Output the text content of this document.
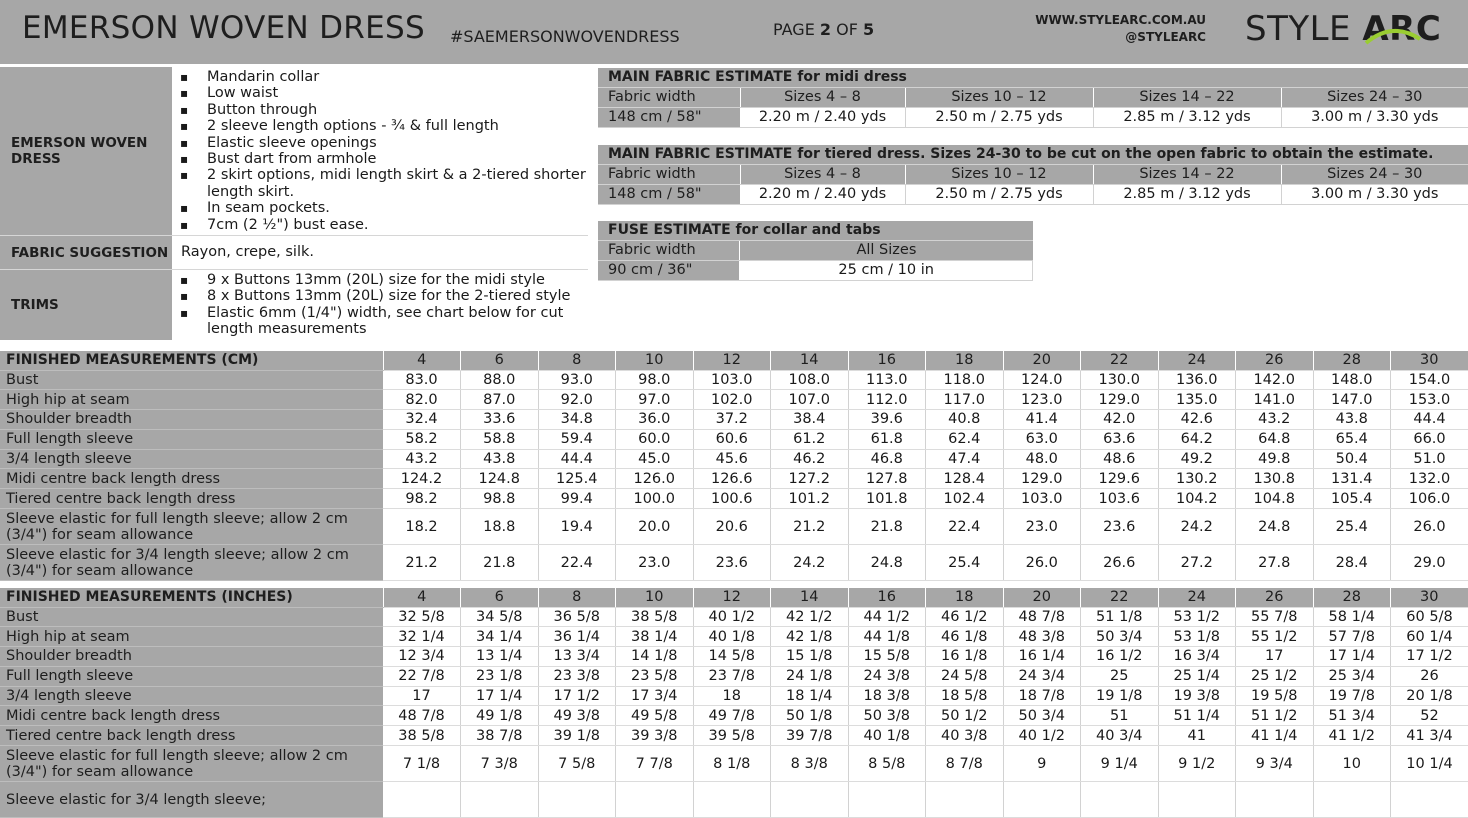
EMERSON WOVEN DRESS #SAEMERSONWOVENDRESS	PAGE 2 OF 5	WWW.STYLEARC.COM.AU
@STYLEARC STYLE
ARC
EMERSON WOVEN DRESS
▪ Mandarin collar
▪ Low waist
▪ Button through
▪ 2 sleeve length options - ¾ & full length
▪ Elastic sleeve openings
▪ Bust dart from armhole
▪ 2 skirt options, midi length skirt & a 2-tiered shorter length skirt.
▪ In seam pockets.
▪ 7cm (2 ½") bust ease.
FABRIC SUGGESTION Rayon, crepe, silk.
TRIMS
▪ 9 x Buttons 13mm (20L) size for the midi style
▪ 8 x Buttons 13mm (20L) size for the 2-tiered style
▪ Elastic 6mm (1/4") width, see chart below for cut length measurements
MAIN FABRIC ESTIMATE for midi dress				
Fabric width	Sizes 4 – 8	Sizes 10 – 12	Sizes 14 – 22	Sizes 24 – 30
148 cm / 58"	2.20 m / 2.40 yds	2.50 m / 2.75 yds	2.85 m / 3.12 yds	3.00 m / 3.30 yds
MAIN FABRIC ESTIMATE for tiered dress. Sizes 24-30 to be cut on the open fabric to obtain the estimate.				
Fabric width	Sizes 4 – 8	Sizes 10 – 12	Sizes 14 – 22	Sizes 24 – 30
148 cm / 58"	2.20 m / 2.40 yds	2.50 m / 2.75 yds	2.85 m / 3.12 yds	3.00 m / 3.30 yds
FUSE ESTIMATE for collar and tabs	
Fabric width	All Sizes
90 cm / 36"	25 cm / 10 in
FINISHED MEASUREMENTS (CM)	4	6	8	10	12	14	16	18	20	22	24	26	28	30
Bust	83.0	88.0	93.0	98.0	103.0	108.0	113.0	118.0	124.0	130.0	136.0	142.0	148.0	154.0
High hip at seam	82.0	87.0	92.0	97.0	102.0	107.0	112.0	117.0	123.0	129.0	135.0	141.0	147.0	153.0
Shoulder breadth	32.4	33.6	34.8	36.0	37.2	38.4	39.6	40.8	41.4	42.0	42.6	43.2	43.8	44.4
Full length sleeve	58.2	58.8	59.4	60.0	60.6	61.2	61.8	62.4	63.0	63.6	64.2	64.8	65.4	66.0
3/4 length sleeve	43.2	43.8	44.4	45.0	45.6	46.2	46.8	47.4	48.0	48.6	49.2	49.8	50.4	51.0
Midi centre back length dress	124.2	124.8	125.4	126.0	126.6	127.2	127.8	128.4	129.0	129.6	130.2	130.8	131.4	132.0
Tiered centre back length dress	98.2	98.8	99.4	100.0	100.6	101.2	101.8	102.4	103.0	103.6	104.2	104.8	105.4	106.0
Sleeve elastic for full length sleeve; allow 2 cm (3/4") for seam allowance	18.2	18.8	19.4	20.0	20.6	21.2	21.8	22.4	23.0	23.6	24.2	24.8	25.4	26.0
Sleeve elastic for 3/4 length sleeve; allow 2 cm (3/4") for seam allowance	21.2	21.8	22.4	23.0	23.6	24.2	24.8	25.4	26.0	26.6	27.2	27.8	28.4	29.0
FINISHED MEASUREMENTS (INCHES)	4	6	8	10	12	14	16	18	20	22	24	26	28	30
Bust	32 5/8	34 5/8	36 5/8	38 5/8	40 1/2	42 1/2	44 1/2	46 1/2	48 7/8	51 1/8	53 1/2	55 7/8	58 1/4	60 5/8
High hip at seam	32 1/4	34 1/4	36 1/4	38 1/4	40 1/8	42 1/8	44 1/8	46 1/8	48 3/8	50 3/4	53 1/8	55 1/2	57 7/8	60 1/4
Shoulder breadth	12 3/4	13 1/4	13 3/4	14 1/8	14 5/8	15 1/8	15 5/8	16 1/8	16 1/4	16 1/2	16 3/4	17	17 1/4	17 1/2
Full length sleeve	22 7/8	23 1/8	23 3/8	23 5/8	23 7/8	24 1/8	24 3/8	24 5/8	24 3/4	25	25 1/4	25 1/2	25 3/4	26
3/4 length sleeve	17	17 1/4	17 1/2	17 3/4	18	18 1/4	18 3/8	18 5/8	18 7/8	19 1/8	19 3/8	19 5/8	19 7/8	20 1/8
Midi centre back length dress	48 7/8	49 1/8	49 3/8	49 5/8	49 7/8	50 1/8	50 3/8	50 1/2	50 3/4	51	51 1/4	51 1/2	51 3/4	52
Tiered centre back length dress	38 5/8	38 7/8	39 1/8	39 3/8	39 5/8	39 7/8	40 1/8	40 3/8	40 1/2	40 3/4	41	41 1/4	41 1/2	41 3/4
Sleeve elastic for full length sleeve; allow 2 cm (3/4") for seam allowance	7 1/8	7 3/8	7 5/8	7 7/8	8 1/8	8 3/8	8 5/8	8 7/8	9	9 1/4	9 1/2	9 3/4	10	10 1/4
Sleeve elastic for 3/4 length sleeve;														
